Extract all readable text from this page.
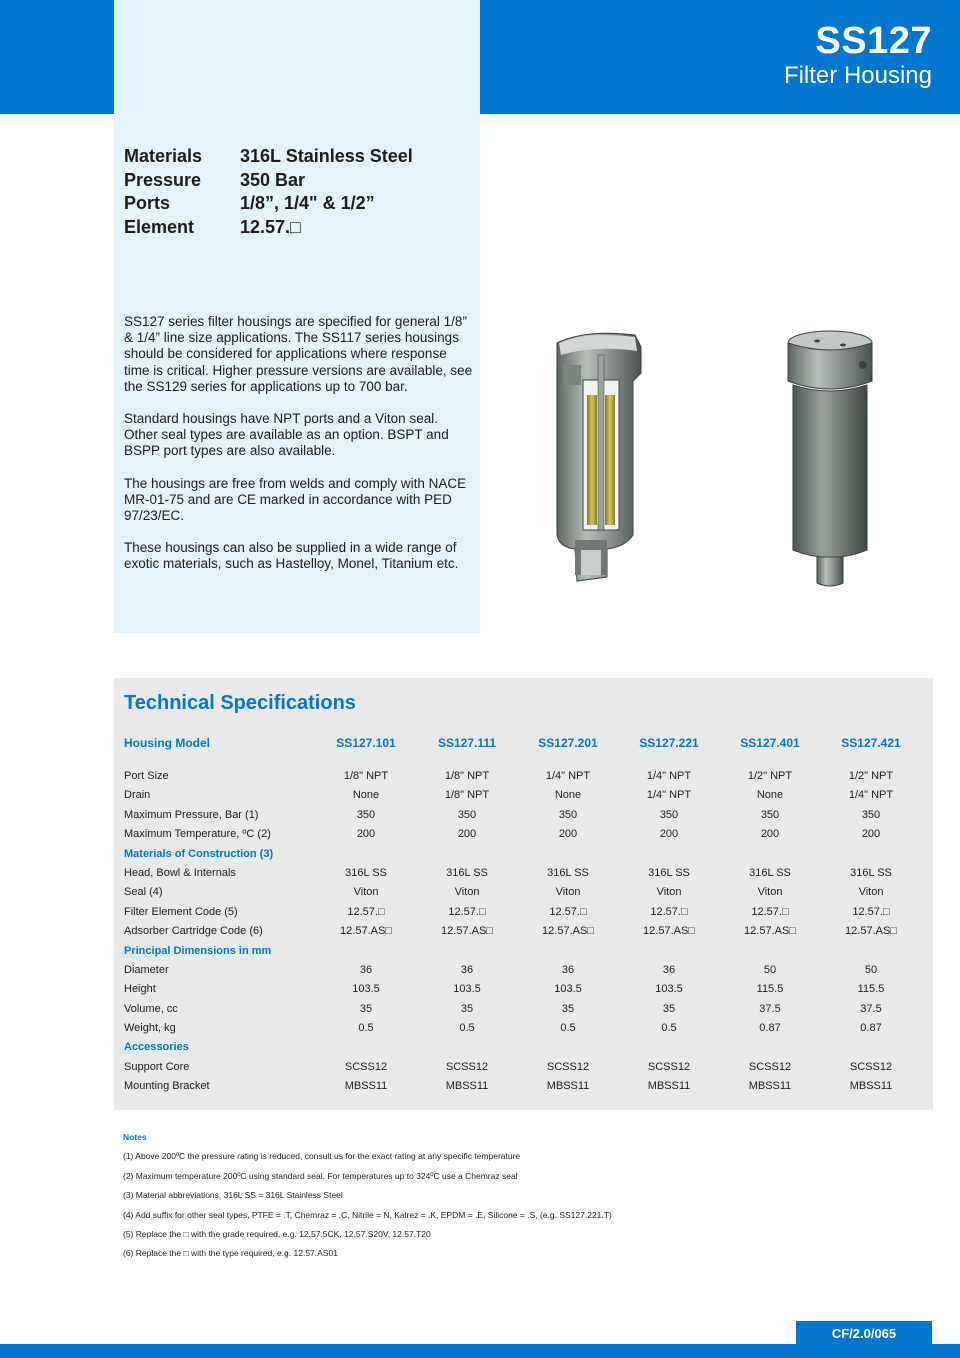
SS127
Filter Housing
Materials	316L Stainless Steel
Pressure	350 Bar
Ports	1/8”, 1/4" & 1/2”
Element	12.57.□

SS127 series filter housings are specified for general 1/8” & 1/4” line size applications. The SS117 series housings should be considered for applications where response time is critical. Higher pressure versions are available, see the SS129 series for applications up to 700 bar.

Standard housings have NPT ports and a Viton seal. Other seal types are available as an option. BSPT and BSPP port types are also available.

The housings are free from welds and comply with NACE MR-01-75 and are CE marked in accordance with PED 97/23/EC.

These housings can also be supplied in a wide range of exotic materials, such as Hastelloy, Monel, Titanium etc.

Technical Specifications
Housing Model	SS127.101	SS127.111	SS127.201	SS127.221	SS127.401	SS127.421
Port Size	1/8" NPT	1/8" NPT	1/4" NPT	1/4" NPT	1/2" NPT	1/2" NPT
Drain	None	1/8" NPT	None	1/4" NPT	None	1/4" NPT
Maximum Pressure, Bar (1)	350	350	350	350	350	350
Maximum Temperature, ºC (2)	200	200	200	200	200	200
Materials of Construction (3)
Head, Bowl & Internals	316L SS	316L SS	316L SS	316L SS	316L SS	316L SS
Seal (4)	Viton	Viton	Viton	Viton	Viton	Viton
Filter Element Code (5)	12.57.□	12.57.□	12.57.□	12.57.□	12.57.□	12.57.□
Adsorber Cartridge Code (6)	12.57.AS□	12.57.AS□	12.57.AS□	12.57.AS□	12.57.AS□	12.57.AS□
Principal Dimensions in mm
Diameter	36	36	36	36	50	50
Height	103.5	103.5	103.5	103.5	115.5	115.5
Volume, cc	35	35	35	35	37.5	37.5
Weight, kg	0.5	0.5	0.5	0.5	0.87	0.87
Accessories
Support Core	SCSS12	SCSS12	SCSS12	SCSS12	SCSS12	SCSS12
Mounting Bracket	MBSS11	MBSS11	MBSS11	MBSS11	MBSS11	MBSS11
Notes
(1) Above 200ºC the pressure rating is reduced, consult us for the exact rating at any specific temperature
(2) Maximum temperature 200ºC using standard seal. For temperatures up to 324ºC use a Chemraz seal
(3) Material abbreviations, 316L SS = 316L Stainless Steel
(4) Add suffix for other seal types, PTFE = .T, Chemraz = .C, Nitrile = N, Kalrez = .K, EPDM = .E, Silicone = .S, (e.g. SS127.221.T)
(5) Replace the □ with the grade required, e.g. 12.57.5CK, 12.57.S20V, 12.57.T20
(6) Replace the □ with the type required, e.g. 12.57.AS01
CF/2.0/065
